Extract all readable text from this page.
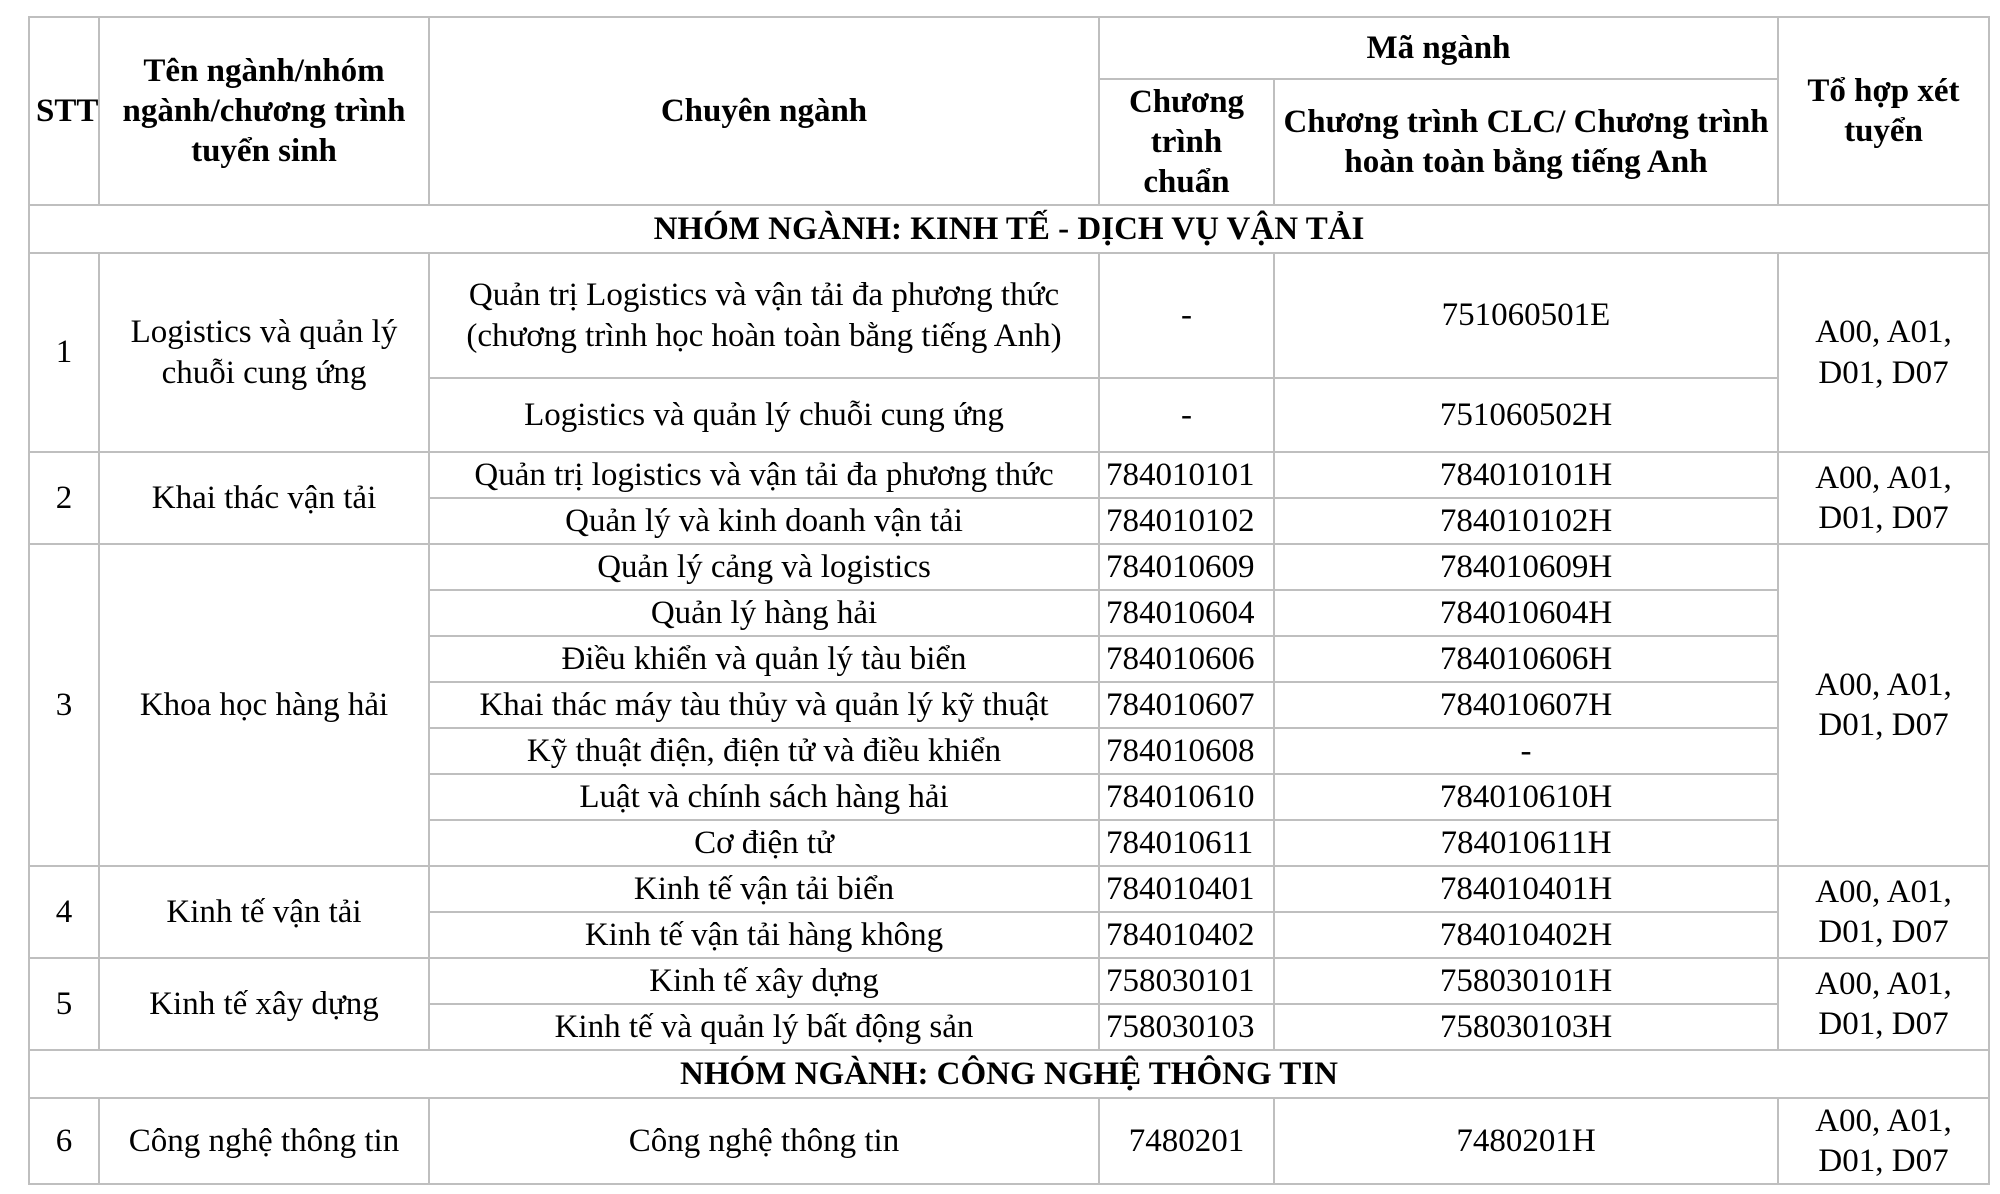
STT	Tên ngành/nhóm ngành/chương trình tuyển sinh	Chuyên ngành	Mã ngành		Tổ hợp xét tuyển
			Chương trình chuẩn	Chương trình CLC/ Chương trình hoàn toàn bằng tiếng Anh	
NHÓM NGÀNH: KINH TẾ - DỊCH VỤ VẬN TẢI					
1	Logistics và quản lý chuỗi cung ứng	Quản trị Logistics và vận tải đa phương thức (chương trình học hoàn toàn bằng tiếng Anh)	-	751060501E	A00, A01, D01, D07
		Logistics và quản lý chuỗi cung ứng	-	751060502H	
2	Khai thác vận tải	Quản trị logistics và vận tải đa phương thức	784010101	784010101H	A00, A01, D01, D07
		Quản lý và kinh doanh vận tải	784010102	784010102H	
3	Khoa học hàng hải	Quản lý cảng và logistics	784010609	784010609H	A00, A01, D01, D07
		Quản lý hàng hải	784010604	784010604H	
		Điều khiển và quản lý tàu biển	784010606	784010606H	
		Khai thác máy tàu thủy và quản lý kỹ thuật	784010607	784010607H	
		Kỹ thuật điện, điện tử và điều khiển	784010608	-	
		Luật và chính sách hàng hải	784010610	784010610H	
		Cơ điện tử	784010611	784010611H	
4	Kinh tế vận tải	Kinh tế vận tải biển	784010401	784010401H	A00, A01, D01, D07
		Kinh tế vận tải hàng không	784010402	784010402H	
5	Kinh tế xây dựng	Kinh tế xây dựng	758030101	758030101H	A00, A01, D01, D07
		Kinh tế và quản lý bất động sản	758030103	758030103H	
NHÓM NGÀNH: CÔNG NGHỆ THÔNG TIN					
6	Công nghệ thông tin	Công nghệ thông tin	7480201	7480201H	A00, A01, D01, D07
